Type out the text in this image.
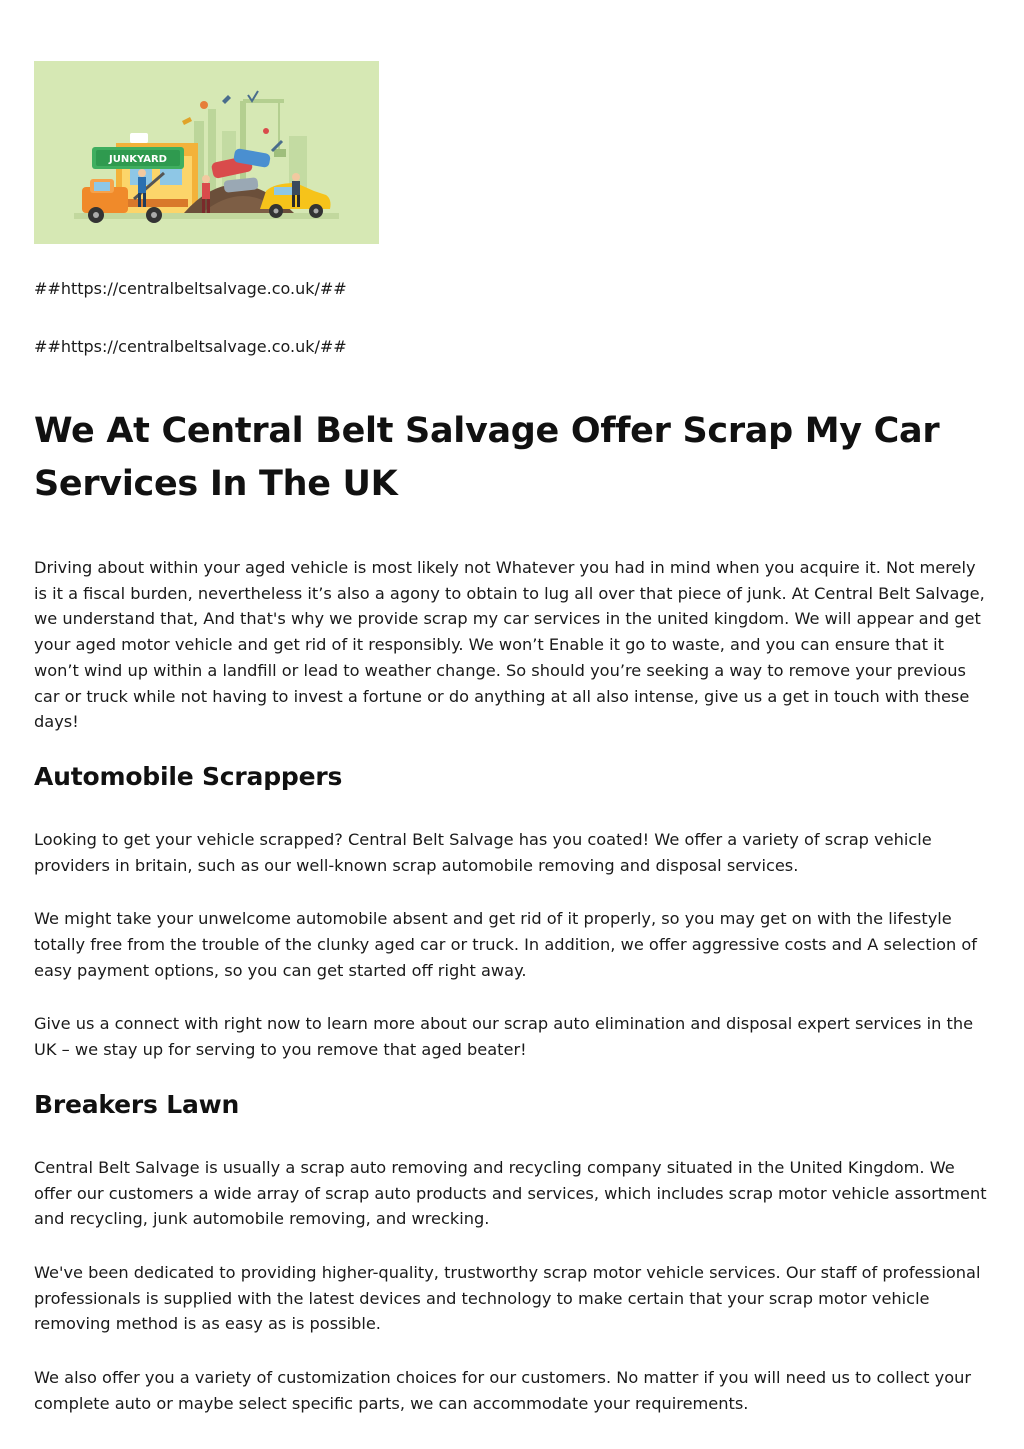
JUNKYARD

##https://centralbeltsalvage.co.uk/##

##https://centralbeltsalvage.co.uk/##

We At Central Belt Salvage Offer Scrap My Car Services In The UK

Driving about within your aged vehicle is most likely not Whatever you had in mind when you acquire it. Not merely is it a fiscal burden, nevertheless it’s also a agony to obtain to lug all over that piece of junk. At Central Belt Salvage, we understand that, And that's why we provide scrap my car services in the united kingdom. We will appear and get your aged motor vehicle and get rid of it responsibly. We won’t Enable it go to waste, and you can ensure that it won’t wind up within a landfill or lead to weather change. So should you’re seeking a way to remove your previous car or truck while not having to invest a fortune or do anything at all also intense, give us a get in touch with these days!

Automobile Scrappers

Looking to get your vehicle scrapped? Central Belt Salvage has you coated! We offer a variety of scrap vehicle providers in britain, such as our well-known scrap automobile removing and disposal services.

We might take your unwelcome automobile absent and get rid of it properly, so you may get on with the lifestyle totally free from the trouble of the clunky aged car or truck. In addition, we offer aggressive costs and A selection of easy payment options, so you can get started off right away.

Give us a connect with right now to learn more about our scrap auto elimination and disposal expert services in the UK – we stay up for serving to you remove that aged beater!

Breakers Lawn

Central Belt Salvage is usually a scrap auto removing and recycling company situated in the United Kingdom. We offer our customers a wide array of scrap auto products and services, which includes scrap motor vehicle assortment and recycling, junk automobile removing, and wrecking.

We've been dedicated to providing higher-quality, trustworthy scrap motor vehicle services. Our staff of professional professionals is supplied with the latest devices and technology to make certain that your scrap motor vehicle removing method is as easy as is possible.

We also offer you a variety of customization choices for our customers. No matter if you will need us to collect your complete auto or maybe select specific parts, we can accommodate your requirements.
